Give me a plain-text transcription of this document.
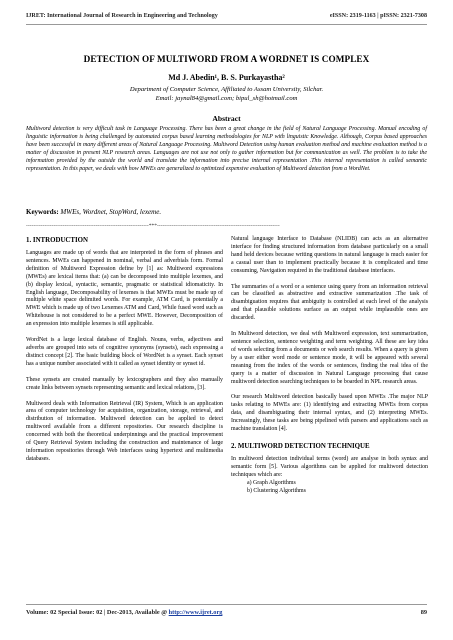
IJRET: International Journal of Research in Engineering and Technology	eISSN: 2319-1163 | pISSN: 2321-7308
DETECTION OF MULTIWORD FROM A WORDNET IS COMPLEX
Md J. Abedin¹, B. S. Purkayastha²
Department of Computer Science, Affiliated to Assam University, Silchar.
Email: jaynal84@gmail.com; bipul_sh@hotmail.com
Abstract
Multiword detection is very difficult task in Language Processing. There has been a great change in the field of Natural Language Processing. Manual encoding of linguistic information is being challenged by automated corpus based learning methodologies for NLP with linguistic Knowledge. Although, Corpus based approaches have been successful in many different areas of Natural Language Processing. Multiword Detection using human evaluation method and machine evaluation method is a matter of discussion in present NLP research areas. Languages are not use not only to gather information but for communication as well. The problem is to take the information provided by the outside the world and translate the information into precise internal representation .This internal representation is called semantic representation. In this paper, we deals with how MWEs are generalized to optimized expensive evaluation of Multiword detection from a WordNet.
Keywords: MWEs, Wordnet, StopWord, lexeme.
-------------------------------------------------------------------***-------------------------------------------------------------------
1. INTRODUCTION

Languages are made up of words that are interpreted in the form of phrases and sentences. MWEs can happened in nominal, verbal and adverbials form. Formal definition of Multiword Expression define by [1] as: Multiword expressions (MWEs) are lexical items that: (a) can be decomposed into multiple lexemes, and (b) display lexical, syntactic, semantic, pragmatic or statistical idiomaticity. In English language, Decomposability of lexemes is that MWEs must be made up of multiple white space delimited words. For example, ATM Card, is potentially a MWE which is made up of two Lexemes ATM and Card, While fused word such as Whitehouse is not considered to be a perfect MWE. However, Decomposition of an expression into multiple lexemes is still applicable.

WordNet is a large lexical database of English. Nouns, verbs, adjectives and adverbs are grouped into sets of cognitive synonyms (synsets), each expressing a distinct concept [2]. The basic building block of WordNet is a synset. Each synset has a unique number associated with it called as synset identity or synset id.

These synsets are created manually by lexicographers and they also manually create links between synsets representing semantic and lexical relations, [3].

Multiword deals with Information Retrieval (IR) System, Which is an application area of computer technology for acquisition, organization, storage, retrieval, and distribution of information. Multiword detection can be applied to detect multiword available from a different repositories. Our research discipline is concerned with both the theoretical underpinnings and the practical improvement of Query Retrieval System including the construction and maintenance of large information repositories through Web interfaces using hypertext and multimedia databases.

Natural language Interface to Database (NLIDB) can acts as an alternative interface for finding structured information from database particularly on a small hand held devices because writing questions in natural language is much easier for a casual user than to implement practically because it is complicated and time consuming, Navigation required in the traditional database interfaces.

The summaries of a word or a sentence using query from an information retrieval can be classified as abstractive and extractive summarization .The task of disambiguation requires that ambiguity is controlled at each level of the analysis and that plausible solutions surface as an output while implausible ones are discarded.

In Multiword detection, we deal with Multiword expression, text summarization, sentence selection, sentence weighting and term weighting. All these are key idea of words selecting from a documents or web search results. When a query is given by a user either word mode or sentence mode, it will be appeared with several meaning from the index of the words or sentences, finding the real idea of the query is a matter of discussion in Natural Language processing that cause multiword detection searching techniques to be boarded in NPL research areas.

Our research Multiword detection basically based upon MWEs .The major NLP tasks relating to MWEs are: (1) identifying and extracting MWEs from corpus data, and disambiguating their internal syntax, and (2) interpreting MWEs. Increasingly, these tasks are being pipelined with parsers and applications such as machine translation [4].

2. MULTIWORD DETECTION TECHNIQUE

In multiword detection individual terms (word) are analyse in both syntax and semantic form [5]. Various algorithms can be applied for multiword detection techniques which are:

a) Graph Algorithms
b) Clustering Algorithms
Volume: 02 Special Issue: 02 | Dec-2013, Available @ http://www.ijret.org	89
